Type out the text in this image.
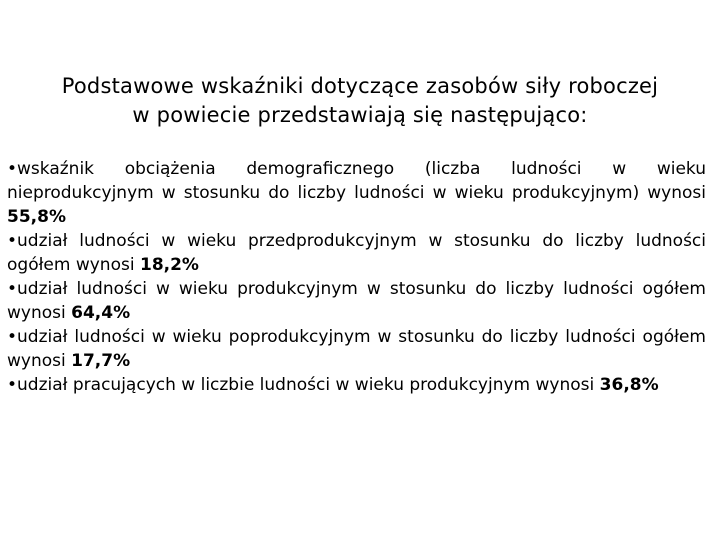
Podstawowe wskaźniki dotyczące zasobów siły roboczej
w powiecie przedstawiają się następująco:

•wskaźnik obciążenia demograficznego (liczba ludności w wieku nieprodukcyjnym w stosunku do liczby ludności w wieku produkcyjnym) wynosi 55,8%

•udział ludności w wieku przedprodukcyjnym w stosunku do liczby ludności ogółem wynosi 18,2%

•udział ludności w wieku produkcyjnym w stosunku do liczby ludności ogółem wynosi 64,4%

•udział ludności w wieku poprodukcyjnym w stosunku do liczby ludności ogółem wynosi 17,7%

•udział pracujących w liczbie ludności w wieku produkcyjnym wynosi 36,8%
